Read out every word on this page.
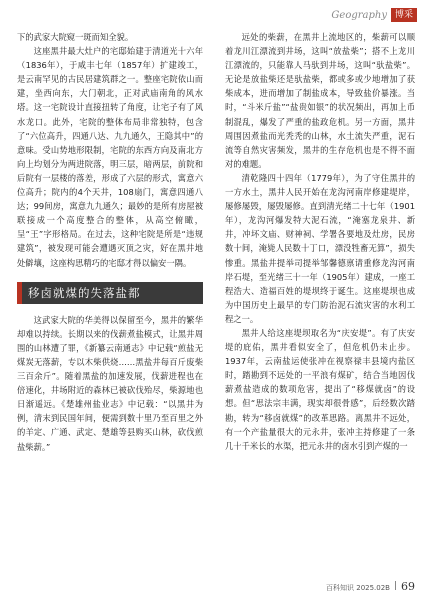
Geography 博采

下的武家大院窥一斑而知全貌。

这座黑井最大灶户的宅邸始建于清道光十六年（1836年），于咸丰七年（1857年）扩建竣工，是云南罕见的古民居建筑群之一。整座宅院依山而建，坐西向东，大门朝北，正对武庙南角的风水塔。这一宅院设计直接扭转了角度，让宅子有了风水龙口。此外，宅院的整体布局非常独特，包含了“六位高升，四通八达、九九通久，王隐其中”的意味。受山势地形限制，宅院的东西方向及南北方向上均划分为两进院落，明三层，暗两层，前院和后院有一层楼的落差，形成了六层的形式，寓意六位高升；院内的4个天井，108扇门，寓意四通八达；99间房，寓意九九通久；最妙的是所有房屋被联接成一个高度整合的整体，从高空俯瞰，呈“王”字形格局。在过去，这种宅院是所是“违规建筑”，被发现可能会遭遇灭顶之灾，好在黑井地处僻壤，这座构思精巧的宅邸才得以偏安一隅。

移卤就煤的失落盐都

这武家大院的华美得以保留至今，黑井的繁华却难以持续。长期以来的伐薪煮盐模式，让黑井周围的山林遭了罪，《新纂云南通志》中记载“煎盐无煤炭无落薪，专以木柴供烧……黑盐井每百斤废柴三百余斤”。随着黑盐的加速发展，伐薪进程也在倍速化，井场附近的森林已被砍伐殆尽，柴源地也日渐遥远。《楚雄州盐业志》中记载：“以黑井为例，清末到民国年间，便需到数十里乃至百里之外的羊定、广通、武定、楚雄等县购买山林，砍伐煎盐柴薪。”

远处的柴薪，在黑井上流地区的，柴薪可以顺着龙川江漂流到井场，这叫“放盐柴”；搭不上龙川江漂流的，只能靠人马驮到井场，这叫“驮盐柴”。无论是放盐柴还是驮盐柴，都或多或少地增加了获柴成本，进而增加了制盐成本，导致盐价暴涨。当时，“斗米斤盐”“盐贵如银”的状况频出，再加上币制混乱，爆发了严重的盐政危机。另一方面，黑井周围因煮盐而光秃秃的山林，水土流失严重，泥石流等自然灾害频发，黑井的生存危机也是不得不面对的难题。

清乾隆四十四年（1779年），为了守住黑井的一方水土，黑井人民开始在龙沟河南岸修建堤岸，屡修屡毁，屡毁屡修。直到清光绪二十七年（1901年），龙沟河爆发特大泥石流，“淹塞龙泉井、新井，冲坏文庙、财神祠、学署各要地及灶房，民房数十间，淹毙人民数十丁口，漂没牲畜无算”，损失惨重。黑盐井提举司提举邹馨德禀请重修龙沟河南岸石堤，至光绪三十一年（1905年）建成，一座工程浩大、造福百姓的堤坝终于诞生。这座堤坝也成为中国历史上最早的专门防治泥石流灾害的水利工程之一。

黑井人给这座堤坝取名为“庆安堤”。有了庆安堤的庇佑，黑井看似安全了，但危机仍未止步。1937年，云南盐运使张冲在视察禄丰县境内盐区时，踏勘到不远处的一平浪有煤矿，结合当地因伐薪煮盐造成的数项危害，提出了“移煤就卤”的设想。但“思法宗丰满，现实却很骨感”，后经数次踏勘，转为“移卤就煤”的改革思路。离黑井不远处，有一个产盐量很大的元永井，张冲主持修建了一条几十千米长的水渠，把元永井的卤水引到产煤的一

百科知识 2025.02B 69
